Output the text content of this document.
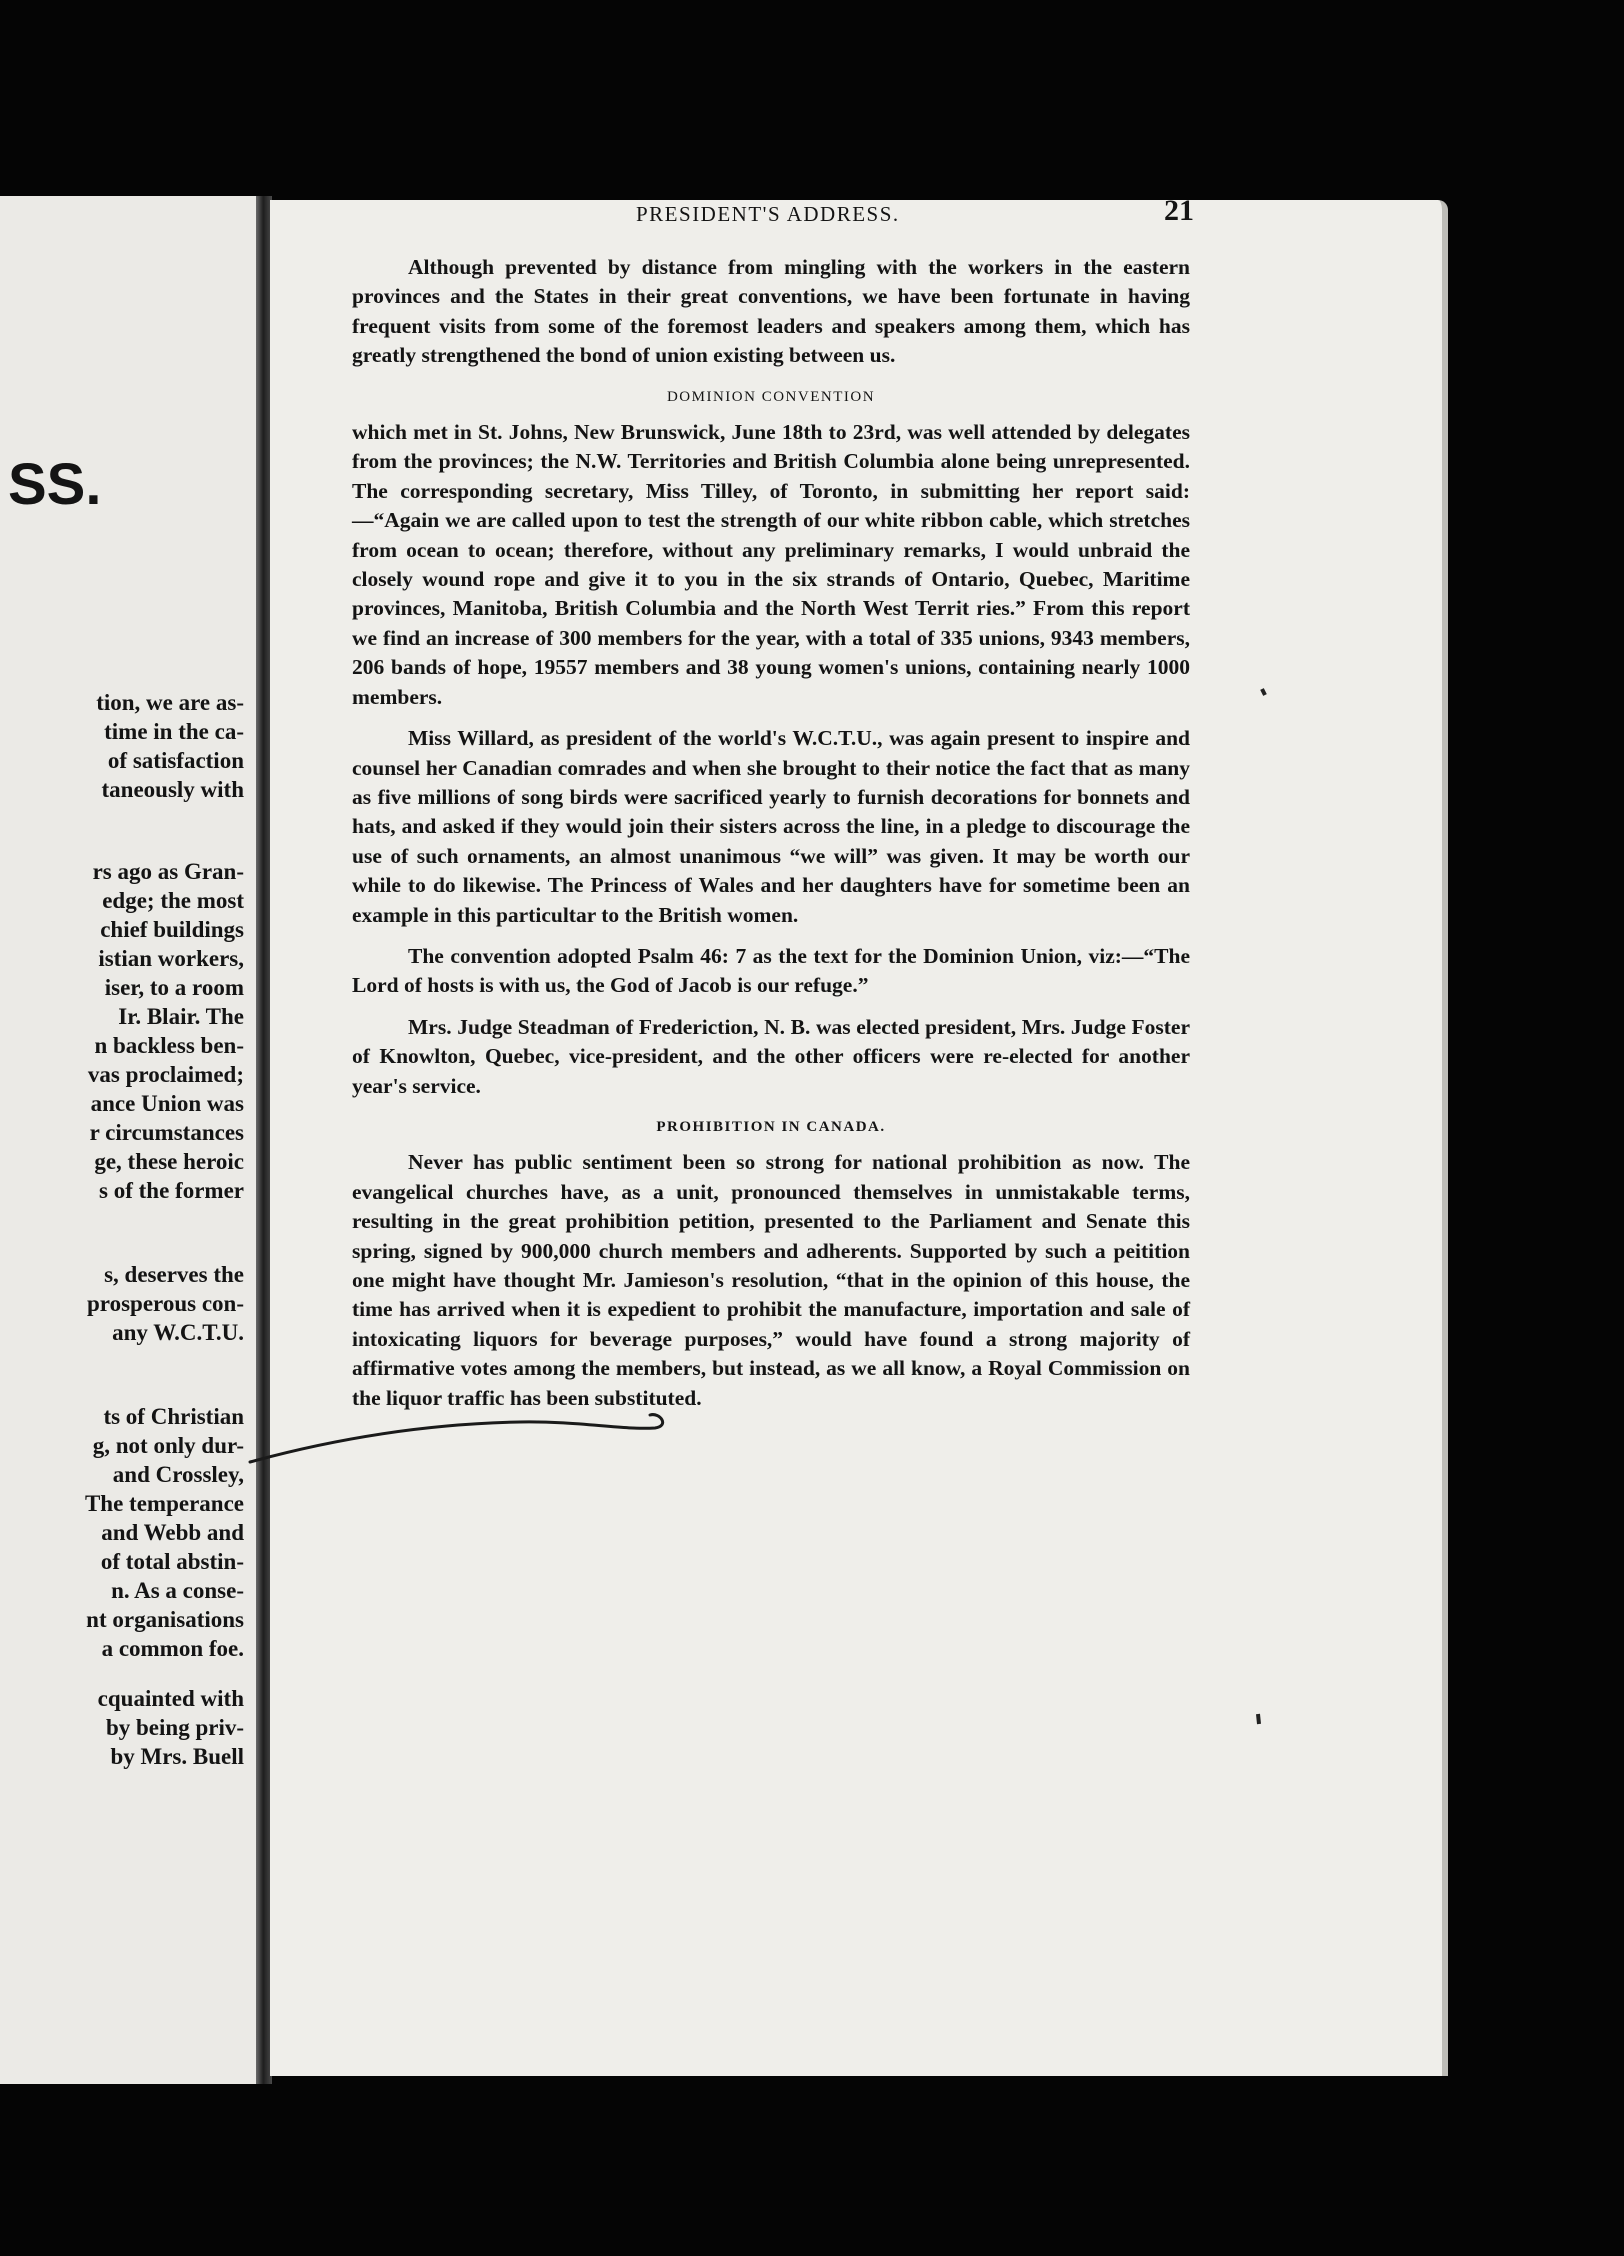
SS.

tion, we are as-

time in the ca-

of satisfaction

taneously with

rs ago as Gran-

edge; the most

chief buildings

istian workers,

iser, to a room

Ir. Blair. The

n backless ben-

vas proclaimed;

ance Union was

r circumstances

ge, these heroic

s of the former

s, deserves the

prosperous con-

any W.C.T.U.

ts of Christian

g, not only dur-

and Crossley,

The temperance

and Webb and

of total abstin-

n. As a conse-

nt organisations

a common foe.

cquainted with

by being priv-

by Mrs. Buell

PRESIDENT'S ADDRESS.	21

Although prevented by distance from mingling with the workers in the eastern provinces and the States in their great conventions, we have been fortunate in having frequent visits from some of the foremost leaders and speakers among them, which has greatly strengthened the bond of union existing between us.

DOMINION CONVENTION

which met in St. Johns, New Brunswick, June 18th to 23rd, was well attended by delegates from the provinces; the N.W. Territories and British Columbia alone being unrepresented. The corresponding secretary, Miss Tilley, of Toronto, in submitting her report said:—“Again we are called upon to test the strength of our white ribbon cable, which stretches from ocean to ocean; therefore, without any preliminary remarks, I would unbraid the closely wound rope and give it to you in the six strands of Ontario, Quebec, Maritime provinces, Manitoba, British Columbia and the North West Territ ries.” From this report we find an increase of 300 members for the year, with a total of 335 unions, 9343 members, 206 bands of hope, 19557 members and 38 young women's unions, containing nearly 1000 members.

Miss Willard, as president of the world's W.C.T.U., was again present to inspire and counsel her Canadian comrades and when she brought to their notice the fact that as many as five millions of song birds were sacrificed yearly to furnish decorations for bonnets and hats, and asked if they would join their sisters across the line, in a pledge to discourage the use of such ornaments, an almost unanimous “we will” was given. It may be worth our while to do likewise. The Princess of Wales and her daughters have for sometime been an example in this particultar to the British women.

The convention adopted Psalm 46: 7 as the text for the Dominion Union, viz:—“The Lord of hosts is with us, the God of Jacob is our refuge.”

Mrs. Judge Steadman of Frederiction, N. B. was elected president, Mrs. Judge Foster of Knowlton, Quebec, vice-president, and the other officers were re-elected for another year's service.

PROHIBITION IN CANADA.

Never has public sentiment been so strong for national prohibition as now. The evangelical churches have, as a unit, pronounced themselves in unmistakable terms, resulting in the great prohibition petition, presented to the Parliament and Senate this spring, signed by 900,000 church members and adherents. Supported by such a peitition one might have thought Mr. Jamieson's resolution, “that in the opinion of this house, the time has arrived when it is expedient to prohibit the manufacture, importation and sale of intoxicating liquors for beverage purposes,” would have found a strong majority of affirmative votes among the members, but instead, as we all know, a Royal Commission on the liquor traffic has been substituted.
